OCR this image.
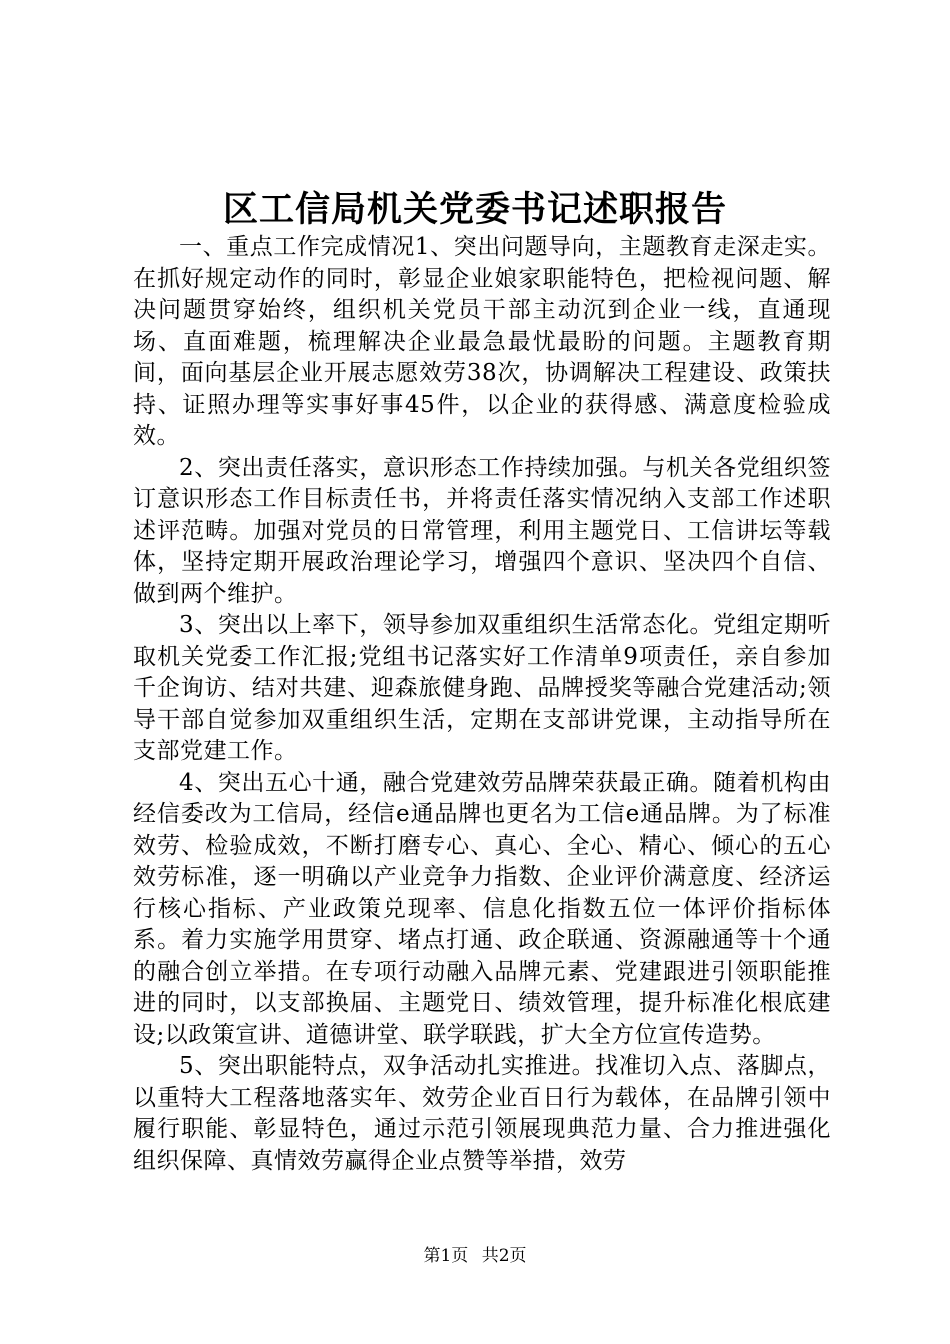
区工信局机关党委书记述职报告

一、重点工作完成情况1、突出问题导向，主题教育走深走实。在抓好规定动作的同时，彰显企业娘家职能特色，把检视问题、解决问题贯穿始终，组织机关党员干部主动沉到企业一线，直通现场、直面难题，梳理解决企业最急最忧最盼的问题。主题教育期间，面向基层企业开展志愿效劳38次，协调解决工程建设、政策扶持、证照办理等实事好事45件，以企业的获得感、满意度检验成效。

2、突出责任落实，意识形态工作持续加强。与机关各党组织签订意识形态工作目标责任书，并将责任落实情况纳入支部工作述职述评范畴。加强对党员的日常管理，利用主题党日、工信讲坛等载体，坚持定期开展政治理论学习，增强四个意识、坚决四个自信、做到两个维护。

3、突出以上率下，领导参加双重组织生活常态化。党组定期听取机关党委工作汇报;党组书记落实好工作清单9项责任，亲自参加千企询访、结对共建、迎森旅健身跑、品牌授奖等融合党建活动;领导干部自觉参加双重组织生活，定期在支部讲党课，主动指导所在支部党建工作。

4、突出五心十通，融合党建效劳品牌荣获最正确。随着机构由经信委改为工信局，经信e通品牌也更名为工信e通品牌。为了标准效劳、检验成效，不断打磨专心、真心、全心、精心、倾心的五心效劳标准，逐一明确以产业竞争力指数、企业评价满意度、经济运行核心指标、产业政策兑现率、信息化指数五位一体评价指标体系。着力实施学用贯穿、堵点打通、政企联通、资源融通等十个通的融合创立举措。在专项行动融入品牌元素、党建跟进引领职能推进的同时，以支部换届、主题党日、绩效管理，提升标准化根底建设;以政策宣讲、道德讲堂、联学联践，扩大全方位宣传造势。

5、突出职能特点，双争活动扎实推进。找准切入点、落脚点，以重特大工程落地落实年、效劳企业百日行为载体，在品牌引领中履行职能、彰显特色，通过示范引领展现典范力量、合力推进强化组织保障、真情效劳赢得企业点赞等举措，效劳

第1页 共2页
